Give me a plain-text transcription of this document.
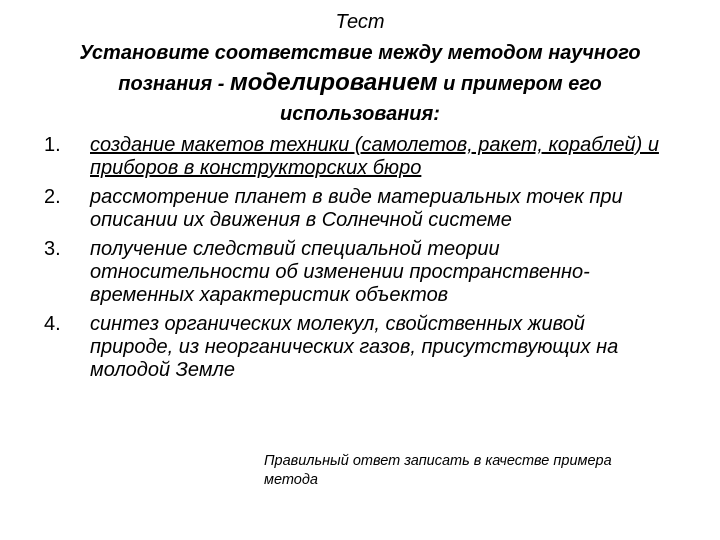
Тест
Установите соответствие между методом научного познания - моделированием и примером его использования:
1. создание макетов техники (самолетов, ракет, кораблей) и приборов в конструкторских бюро
2. рассмотрение планет в виде материальных точек при описании их движения в Солнечной системе
3. получение следствий специальной теории относительности об изменении пространственно-временных характеристик объектов
4. синтез органических молекул, свойственных живой природе, из неорганических газов, присутствующих на молодой Земле
Правильный ответ записать в качестве примера метода
